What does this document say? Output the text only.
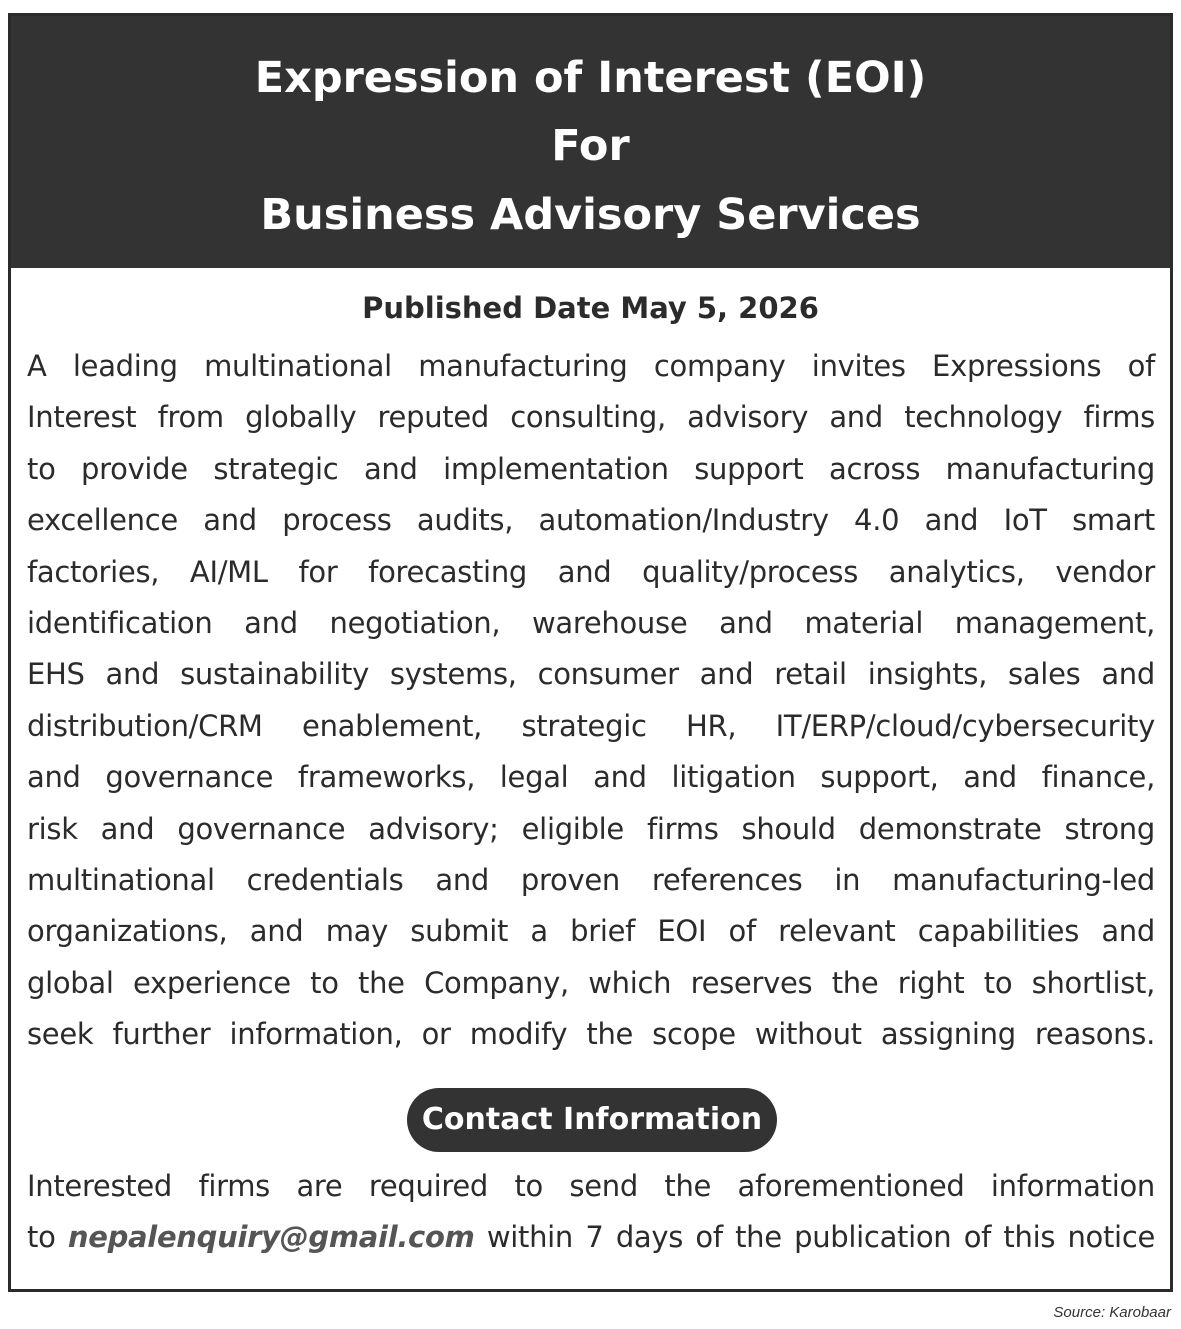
Expression of Interest (EOI)
For
Business Advisory Services
Published Date May 5, 2026
A leading multinational manufacturing company invites Expressions of
Interest from globally reputed consulting, advisory and technology firms
to provide strategic and implementation support across manufacturing
excellence and process audits, automation/Industry 4.0 and IoT smart
factories, AI/ML for forecasting and quality/process analytics, vendor
identification and negotiation, warehouse and material management,
EHS and sustainability systems, consumer and retail insights, sales and
distribution/CRM enablement, strategic HR, IT/ERP/cloud/cybersecurity
and governance frameworks, legal and litigation support, and finance,
risk and governance advisory; eligible firms should demonstrate strong
multinational credentials and proven references in manufacturing-led
organizations, and may submit a brief EOI of relevant capabilities and
global experience to the Company, which reserves the right to shortlist,
seek further information, or modify the scope without assigning reasons.
Contact Information
Interested firms are required to send the aforementioned information
to nepalenquiry@gmail.com within 7 days of the publication of this notice
Source: Karobaar
